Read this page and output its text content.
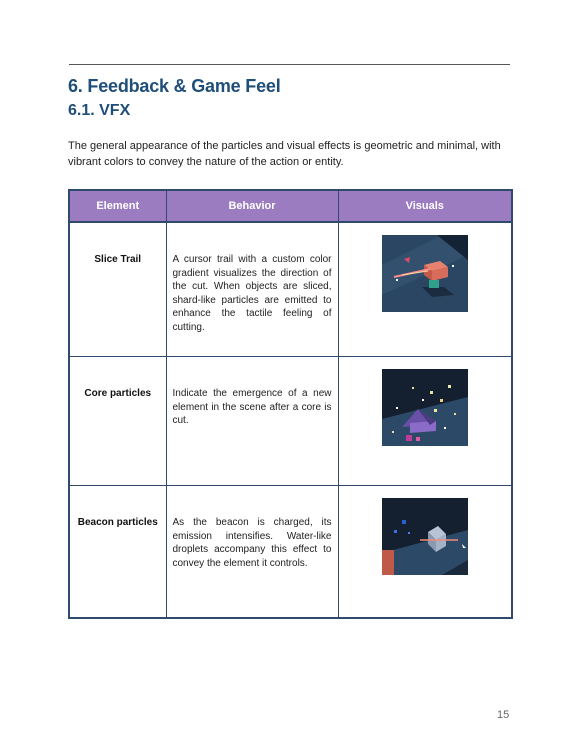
6. Feedback & Game Feel
6.1. VFX

The general appearance of the particles and visual effects is geometric and minimal, with vibrant colors to convey the nature of the action or entity.

Element	Behavior	Visuals
Slice Trail	A cursor trail with a custom color gradient visualizes the direction of the cut. When objects are sliced, shard-like particles are emitted to enhance the tactile feeling of cutting.	

Core particles	Indicate the emergence of a new element in the scene after a core is cut.	

Beacon particles	As the beacon is charged, its emission intensifies. Water-like droplets accompany this effect to convey the element it controls.	
15
